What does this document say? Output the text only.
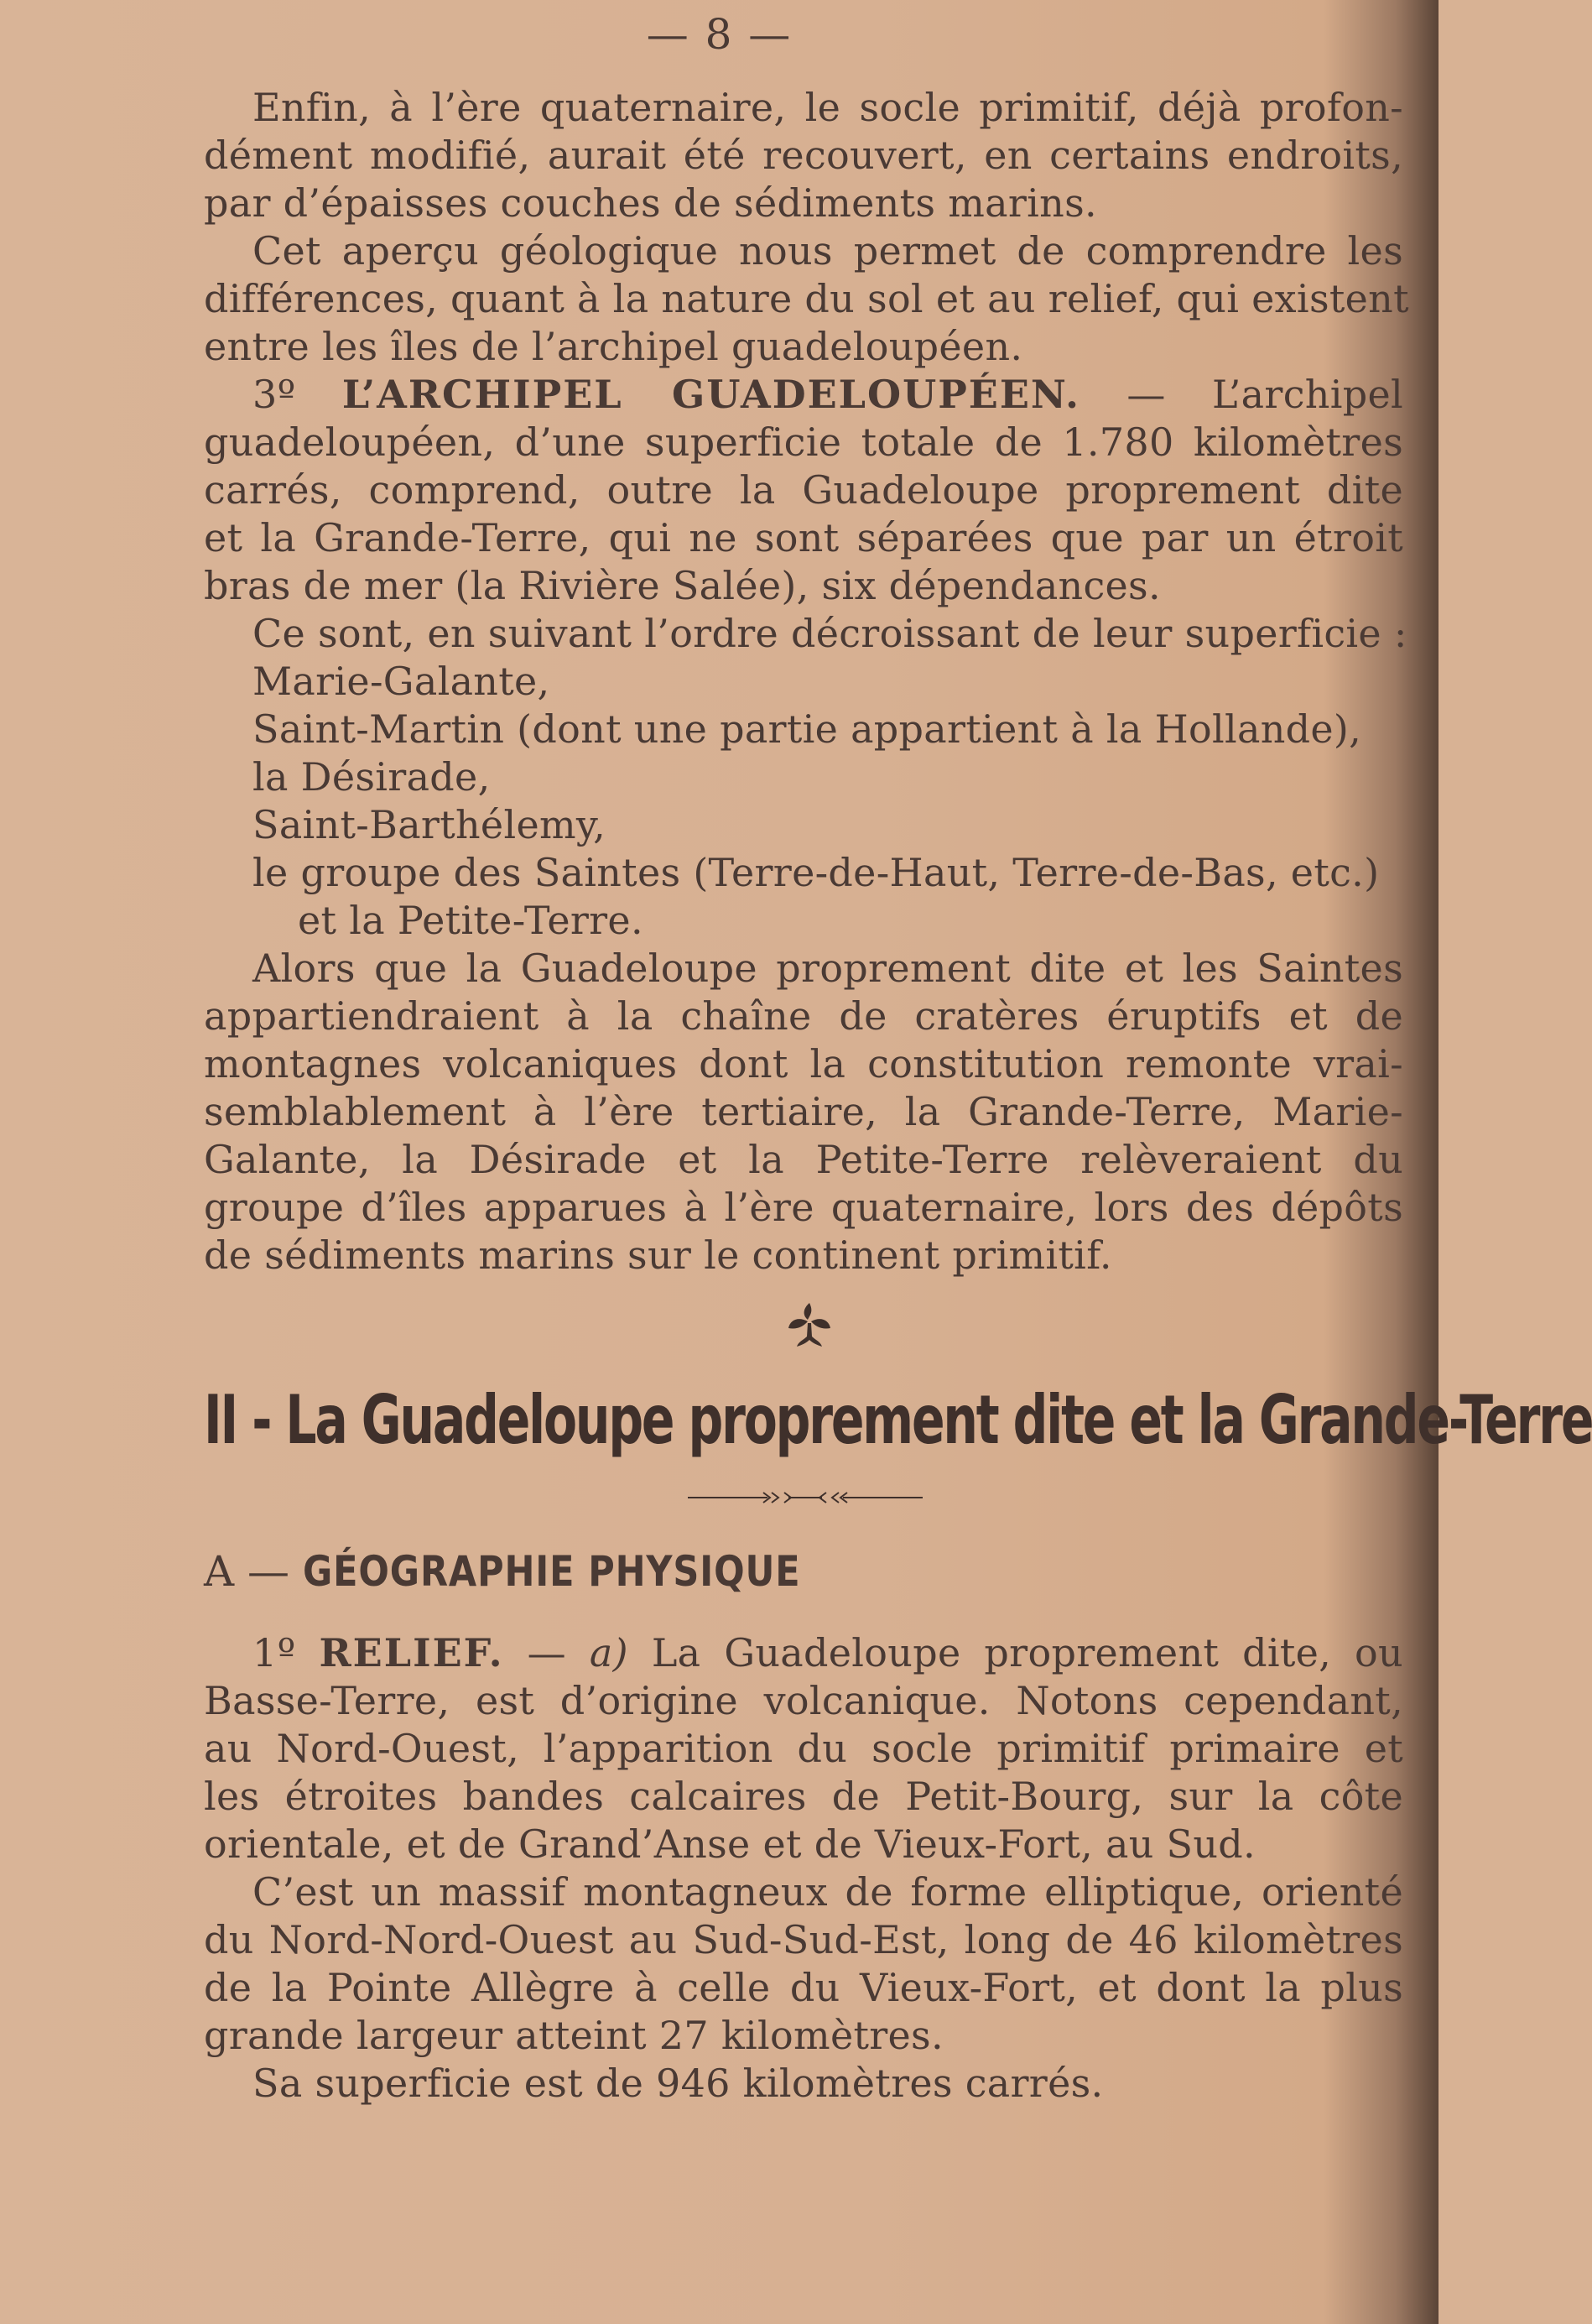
— 8 —
Enfin, à l’ère quaternaire, le socle primitif, déjà profon-
dément modifié, aurait été recouvert, en certains endroits,
par d’épaisses couches de sédiments marins.
Cet aperçu géologique nous permet de comprendre les
différences, quant à la nature du sol et au relief, qui existent
entre les îles de l’archipel guadeloupéen.
3º L’ARCHIPEL GUADELOUPÉEN. — L’archipel
guadeloupéen, d’une superficie totale de 1.780 kilomètres
carrés, comprend, outre la Guadeloupe proprement dite
et la Grande-Terre, qui ne sont séparées que par un étroit
bras de mer (la Rivière Salée), six dépendances.
Ce sont, en suivant l’ordre décroissant de leur superficie :
Marie-Galante,
Saint-Martin (dont une partie appartient à la Hollande),
la Désirade,
Saint-Barthélemy,
le groupe des Saintes (Terre-de-Haut, Terre-de-Bas, etc.)
et la Petite-Terre.
Alors que la Guadeloupe proprement dite et les Saintes
appartiendraient à la chaîne de cratères éruptifs et de
montagnes volcaniques dont la constitution remonte vrai-
semblablement à l’ère tertiaire, la Grande-Terre, Marie-
Galante, la Désirade et la Petite-Terre relèveraient du
groupe d’îles apparues à l’ère quaternaire, lors des dépôts
de sédiments marins sur le continent primitif.
II - La Guadeloupe proprement dite et la Grande-Terre
A — GÉOGRAPHIE PHYSIQUE
1º RELIEF. — a) La Guadeloupe proprement dite, ou
Basse-Terre, est d’origine volcanique. Notons cependant,
au Nord-Ouest, l’apparition du socle primitif primaire et
les étroites bandes calcaires de Petit-Bourg, sur la côte
orientale, et de Grand’Anse et de Vieux-Fort, au Sud.
C’est un massif montagneux de forme elliptique, orienté
du Nord-Nord-Ouest au Sud-Sud-Est, long de 46 kilomètres
de la Pointe Allègre à celle du Vieux-Fort, et dont la plus
grande largeur atteint 27 kilomètres.
Sa superficie est de 946 kilomètres carrés.
